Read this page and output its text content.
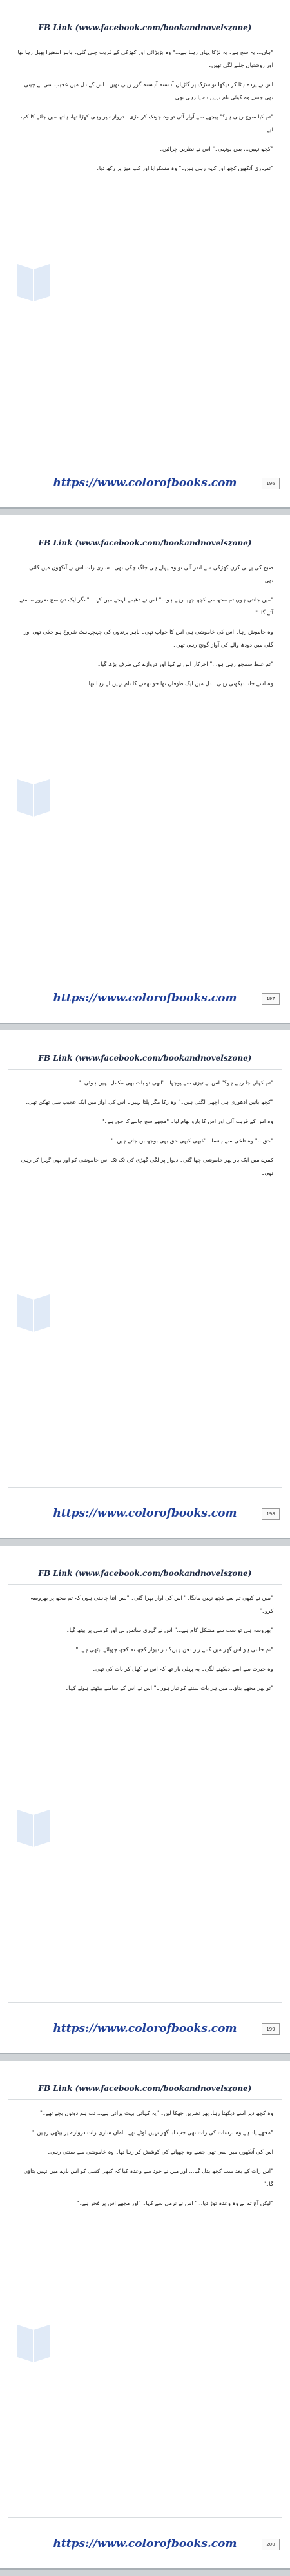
FB Link (www.facebook.com/bookandnovelszone)

"ہاں... یہ سچ ہے۔ یہ لڑکا یہاں رہتا ہے..." وہ بڑبڑائی اور کھڑکی کے قریب چلی گئی۔ باہر اندھیرا پھیل رہا تھا اور روشنیاں جلنے لگی تھیں۔

اس نے پردہ ہٹا کر دیکھا تو سڑک پر گاڑیاں آہستہ آہستہ گزر رہی تھیں۔ اس کے دل میں عجیب سی بے چینی تھی جسے وہ کوئی نام نہیں دے پا رہی تھی۔

"تم کیا سوچ رہی ہو؟" پیچھے سے آواز آئی تو وہ چونک کر مڑی۔ دروازے پر وہی کھڑا تھا، ہاتھ میں چائے کا کپ لیے۔

"کچھ نہیں... بس یونہی۔" اس نے نظریں چرائیں۔

"تمہاری آنکھیں کچھ اور کہہ رہی ہیں۔" وہ مسکرایا اور کپ میز پر رکھ دیا۔

https://www.colorofbooks.com	196

FB Link (www.facebook.com/bookandnovelszone)

صبح کی پہلی کرن کھڑکی سے اندر آئی تو وہ پہلے ہی جاگ چکی تھی۔ ساری رات اس نے آنکھوں میں کاٹی تھی۔

"میں جانتی ہوں تم مجھ سے کچھ چھپا رہے ہو..." اس نے دھیمے لہجے میں کہا۔ "مگر ایک دن سچ ضرور سامنے آئے گا۔"

وہ خاموش رہا۔ اس کی خاموشی ہی اس کا جواب تھی۔ باہر پرندوں کی چہچہاہٹ شروع ہو چکی تھی اور گلی میں دودھ والے کی آواز گونج رہی تھی۔

"تم غلط سمجھ رہی ہو..." آخرکار اس نے کہا اور دروازے کی طرف بڑھ گیا۔

وہ اسے جاتا دیکھتی رہی۔ دل میں ایک طوفان تھا جو تھمنے کا نام نہیں لے رہا تھا۔

https://www.colorofbooks.com	197

FB Link (www.facebook.com/bookandnovelszone)

"تم کہاں جا رہے ہو؟" اس نے تیزی سے پوچھا۔ "ابھی تو بات بھی مکمل نہیں ہوئی۔"

"کچھ باتیں ادھوری ہی اچھی لگتی ہیں۔" وہ رکا مگر پلٹا نہیں۔ اس کی آواز میں ایک عجیب سی تھکن تھی۔

وہ اس کے قریب آئی اور اس کا بازو تھام لیا۔ "مجھے سچ جاننے کا حق ہے۔"

"حق..." وہ تلخی سے ہنسا۔ "کبھی کبھی حق بھی بوجھ بن جاتے ہیں۔"

کمرے میں ایک بار پھر خاموشی چھا گئی۔ دیوار پر لگی گھڑی کی ٹک ٹک اس خاموشی کو اور بھی گہرا کر رہی تھی۔

https://www.colorofbooks.com	198

FB Link (www.facebook.com/bookandnovelszone)

"میں نے کبھی تم سے کچھ نہیں مانگا۔" اس کی آواز بھرا گئی۔ "بس اتنا چاہتی ہوں کہ تم مجھ پر بھروسہ کرو۔"

"بھروسہ ہی تو سب سے مشکل کام ہے..." اس نے گہری سانس لی اور کرسی پر بیٹھ گیا۔

"تم جانتی ہو اس گھر میں کتنے راز دفن ہیں؟ ہر دیوار کچھ نہ کچھ چھپائے بیٹھی ہے۔"

وہ حیرت سے اسے دیکھنے لگی۔ یہ پہلی بار تھا کہ اس نے کھل کر بات کی تھی۔

"تو پھر مجھے بتاؤ... میں ہر بات سننے کو تیار ہوں۔" اس نے اس کے سامنے بیٹھتے ہوئے کہا۔

https://www.colorofbooks.com	199

FB Link (www.facebook.com/bookandnovelszone)

وہ کچھ دیر اسے دیکھتا رہا، پھر نظریں جھکا لیں۔ "یہ کہانی بہت پرانی ہے... تب ہم دونوں بچے تھے۔"

"مجھے یاد ہے وہ برسات کی رات تھی جب ابا گھر نہیں لوٹے تھے۔ اماں ساری رات دروازے پر بیٹھی رہیں۔"

اس کی آنکھوں میں نمی تھی جسے وہ چھپانے کی کوشش کر رہا تھا۔ وہ خاموشی سے سنتی رہی۔

"اس رات کے بعد سب کچھ بدل گیا... اور میں نے خود سے وعدہ کیا کہ کبھی کسی کو اس بارے میں نہیں بتاؤں گا۔"

"لیکن آج تم نے وہ وعدہ توڑ دیا..." اس نے نرمی سے کہا۔ "اور مجھے اس پر فخر ہے۔"

https://www.colorofbooks.com	200
